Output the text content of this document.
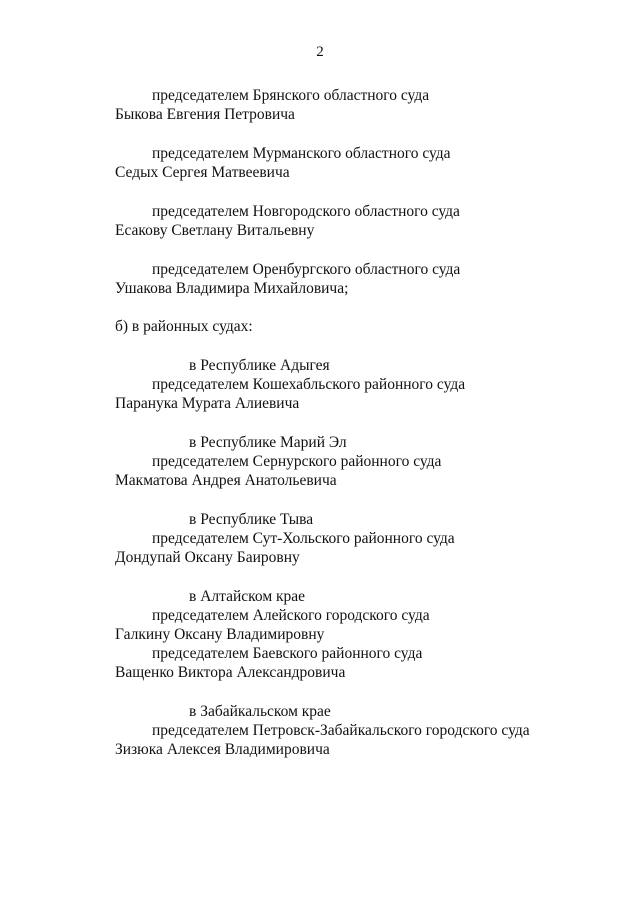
2
председателем Брянского областного суда
Быкова Евгения Петровича
председателем Мурманского областного суда
Седых Сергея Матвеевича
председателем Новгородского областного суда
Есакову Светлану Витальевну
председателем Оренбургского областного суда
Ушакова Владимира Михайловича;
б) в районных судах:
в Республике Адыгея
председателем Кошехабльского районного суда
Паранука Мурата Алиевича
в Республике Марий Эл
председателем Сернурского районного суда
Макматова Андрея Анатольевича
в Республике Тыва
председателем Сут-Хольского районного суда
Дондупай Оксану Баировну
в Алтайском крае
председателем Алейского городского суда
Галкину Оксану Владимировну
председателем Баевского районного суда
Ващенко Виктора Александровича
в Забайкальском крае
председателем Петровск-Забайкальского городского суда
Зизюка Алексея Владимировича
